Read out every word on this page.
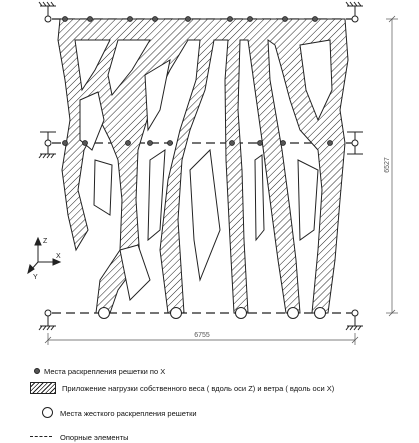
6755
6527
Z
X
Y
Места раскрепления решетки по X
Приложение нагрузки собственного веса ( вдоль оси Z) и ветра ( вдоль оси X)
Места жесткого раскрепления решетки
Опорные элементы
